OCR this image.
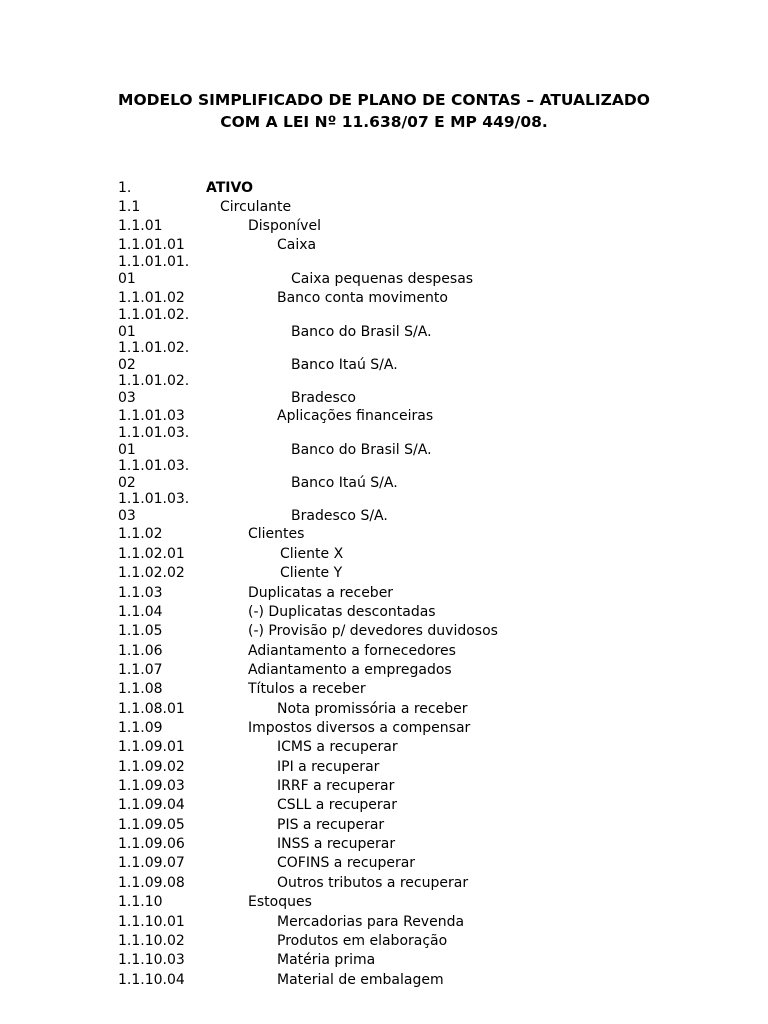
MODELO SIMPLIFICADO DE PLANO DE CONTAS – ATUALIZADO
COM A LEI Nº 11.638/07 E MP 449/08.
1.	ATIVO
1.1	Circulante
1.1.01	Disponível
1.1.01.01	Caixa
1.1.01.01.
01	Caixa pequenas despesas
1.1.01.02	Banco conta movimento
1.1.01.02.
01	Banco do Brasil S/A.
1.1.01.02.
02	Banco Itaú S/A.
1.1.01.02.
03	Bradesco
1.1.01.03	Aplicações financeiras
1.1.01.03.
01	Banco do Brasil S/A.
1.1.01.03.
02	Banco Itaú S/A.
1.1.01.03.
03	Bradesco S/A.
1.1.02	Clientes
1.1.02.01	Cliente X
1.1.02.02	Cliente Y
1.1.03	Duplicatas a receber
1.1.04	(-) Duplicatas descontadas
1.1.05	(-) Provisão p/ devedores duvidosos
1.1.06	Adiantamento a fornecedores
1.1.07	Adiantamento a empregados
1.1.08	Títulos a receber
1.1.08.01	Nota promissória a receber
1.1.09	Impostos diversos a compensar
1.1.09.01	ICMS a recuperar
1.1.09.02	IPI a recuperar
1.1.09.03	IRRF a recuperar
1.1.09.04	CSLL a recuperar
1.1.09.05	PIS a recuperar
1.1.09.06	INSS a recuperar
1.1.09.07	COFINS a recuperar
1.1.09.08	Outros tributos a recuperar
1.1.10	Estoques
1.1.10.01	Mercadorias para Revenda
1.1.10.02	Produtos em elaboração
1.1.10.03	Matéria prima
1.1.10.04	Material de embalagem
